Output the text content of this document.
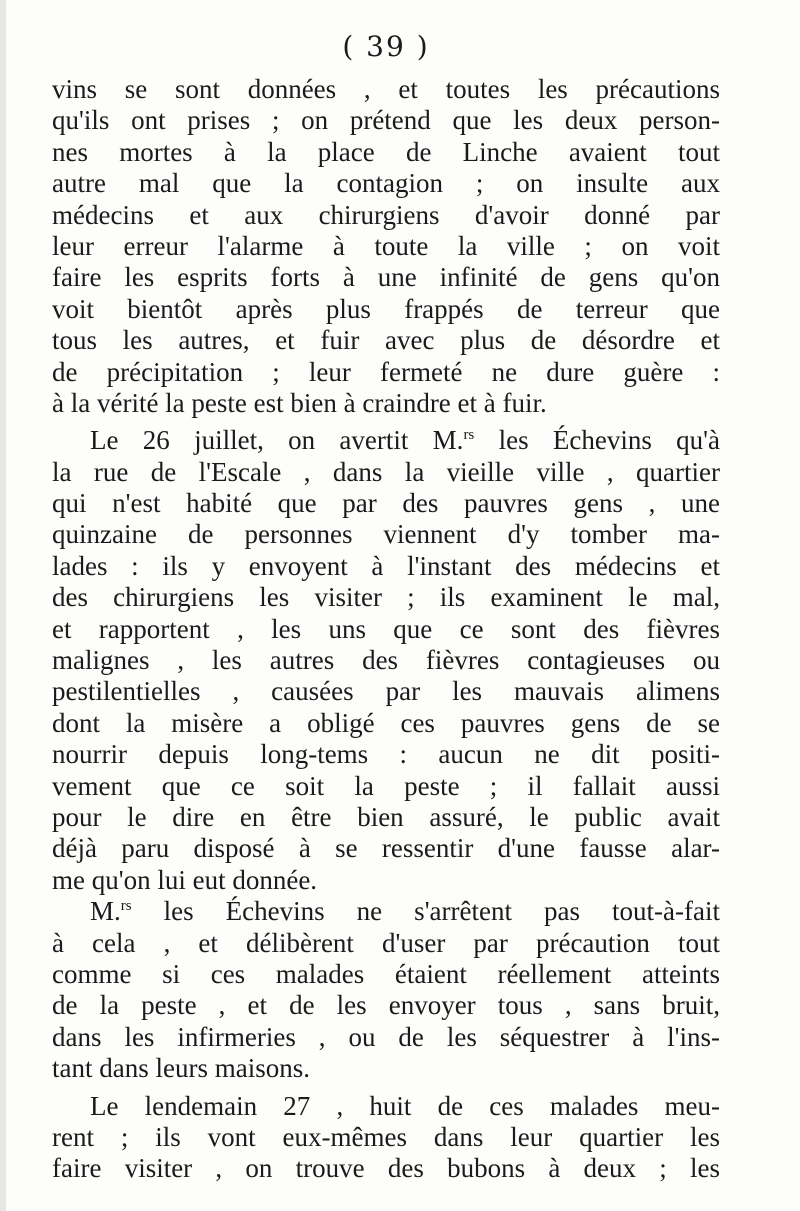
( 39 )
vins se sont données , et toutes les précautions
qu'ils ont prises ; on prétend que les deux person-
nes mortes à la place de Linche avaient tout
autre mal que la contagion ; on insulte aux
médecins et aux chirurgiens d'avoir donné par
leur erreur l'alarme à toute la ville ; on voit
faire les esprits forts à une infinité de gens qu'on
voit bientôt après plus frappés de terreur que
tous les autres, et fuir avec plus de désordre et
de précipitation ; leur fermeté ne dure guère :
à la vérité la peste est bien à craindre et à fuir.
Le 26 juillet, on avertit M.$^{rs}$ les Échevins qu'à
la rue de l'Escale , dans la vieille ville , quartier
qui n'est habité que par des pauvres gens , une
quinzaine de personnes viennent d'y tomber ma-
lades : ils y envoyent à l'instant des médecins et
des chirurgiens les visiter ; ils examinent le mal,
et rapportent , les uns que ce sont des fièvres
malignes , les autres des fièvres contagieuses ou
pestilentielles , causées par les mauvais alimens
dont la misère a obligé ces pauvres gens de se
nourrir depuis long-tems : aucun ne dit positi-
vement que ce soit la peste ; il fallait aussi
pour le dire en être bien assuré, le public avait
déjà paru disposé à se ressentir d'une fausse alar-
me qu'on lui eut donnée.
M.$^{rs}$ les Échevins ne s'arrêtent pas tout-à-fait
à cela , et délibèrent d'user par précaution tout
comme si ces malades étaient réellement atteints
de la peste , et de les envoyer tous , sans bruit,
dans les infirmeries , ou de les séquestrer à l'ins-
tant dans leurs maisons.
Le lendemain 27 , huit de ces malades meu-
rent ; ils vont eux-mêmes dans leur quartier les
faire visiter , on trouve des bubons à deux ; les
